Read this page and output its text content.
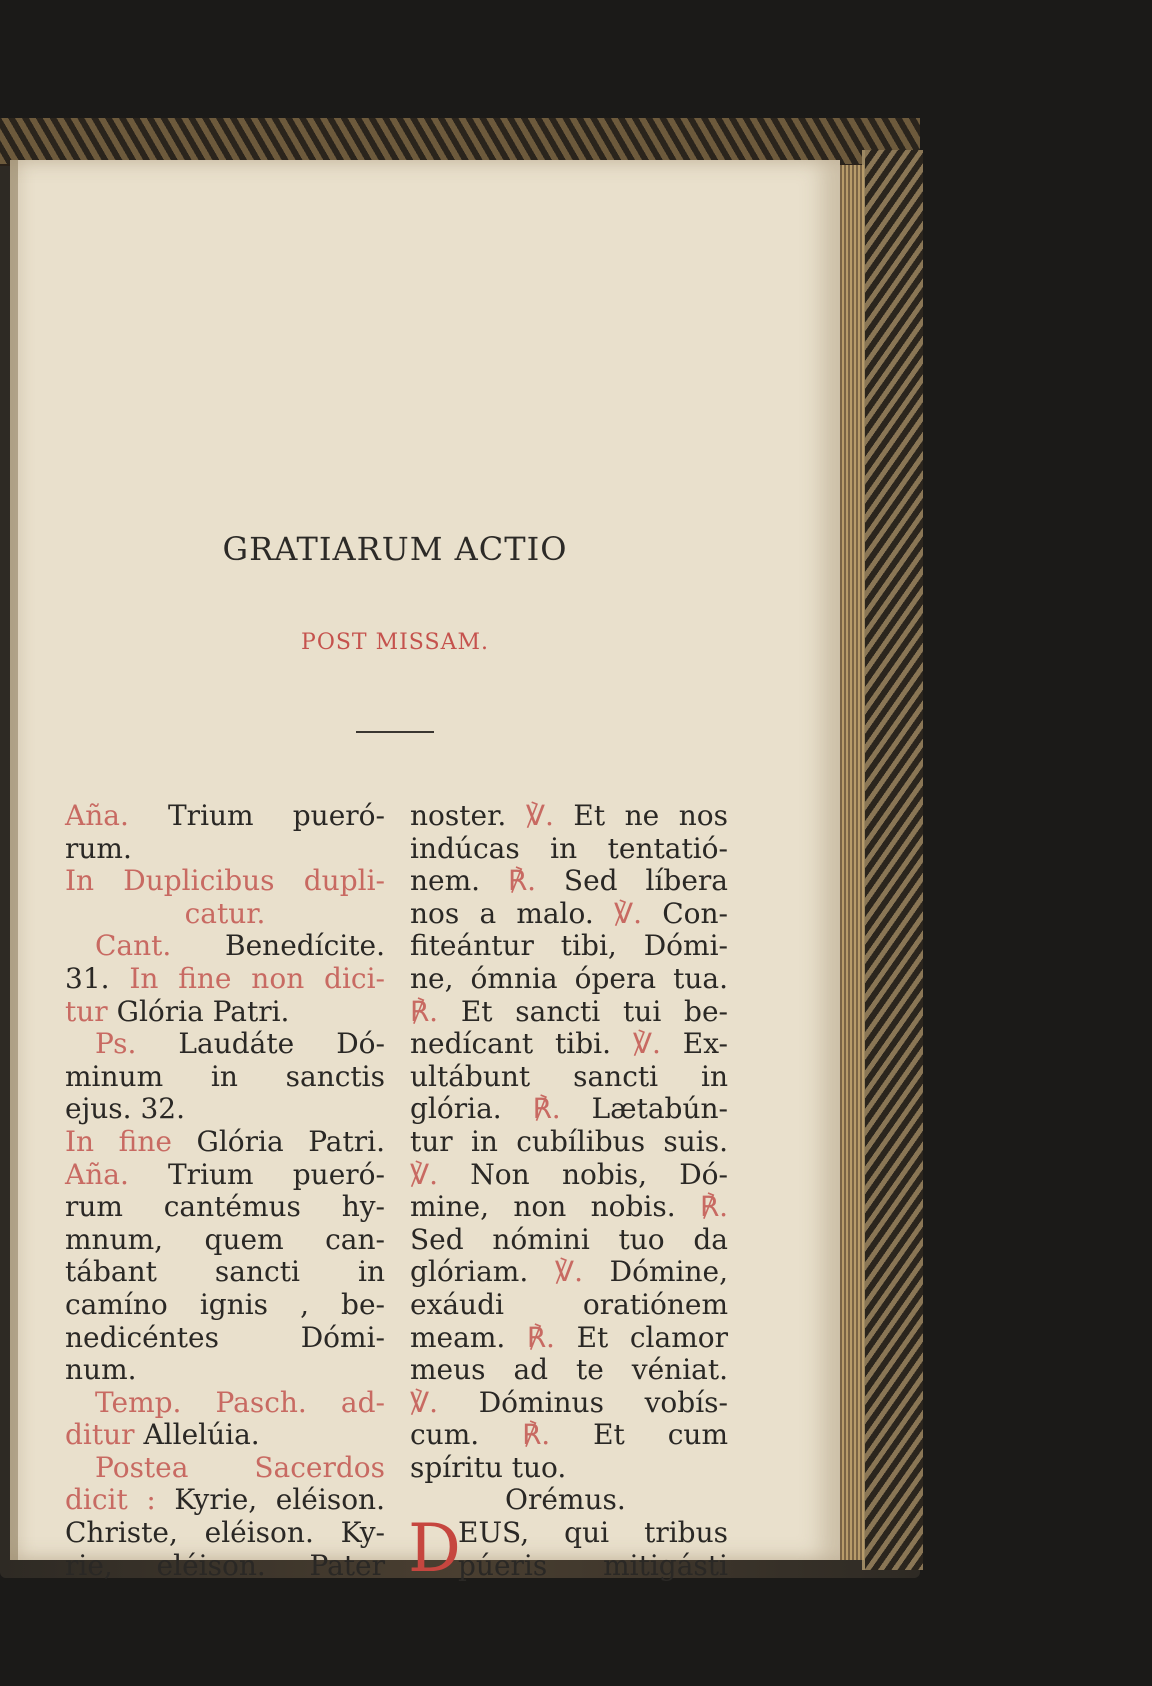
GRATIARUM ACTIO
POST MISSAM.
Aña. Trium pueró-
rum.
In Duplicibus dupli-
catur.
Cant. Benedícite.
31. In fine non dici-
tur Glória Patri.
Ps. Laudáte Dó-
minum in sanctis
ejus. 32.
In fine Glória Patri.
Aña. Trium pueró-
rum cantémus hy-
mnum, quem can-
tábant sancti in
camíno ignis , be-
nedicéntes Dómi-
num.
Temp. Pasch. ad-
ditur Allelúia.
Postea Sacerdos
dicit : Kyrie, eléison.
Christe, eléison. Ky-
rie, eléison. Pater
noster. ℣. Et ne nos
indúcas in tentatió-
nem. ℟. Sed líbera
nos a malo. ℣. Con-
fiteántur tibi, Dómi-
ne, ómnia ópera tua.
℟. Et sancti tui be-
nedícant tibi. ℣. Ex-
ultábunt sancti in
glória. ℟. Lætabún-
tur in cubílibus suis.
℣. Non nobis, Dó-
mine, non nobis. ℟.
Sed nómini tuo da
glóriam. ℣. Dómine,
exáudi oratiónem
meam. ℟. Et clamor
meus ad te véniat.
℣. Dóminus vobís-
cum. ℟. Et cum
spíritu tuo.
Orémus.
D
EUS, qui tribus
púeris mitigásti
